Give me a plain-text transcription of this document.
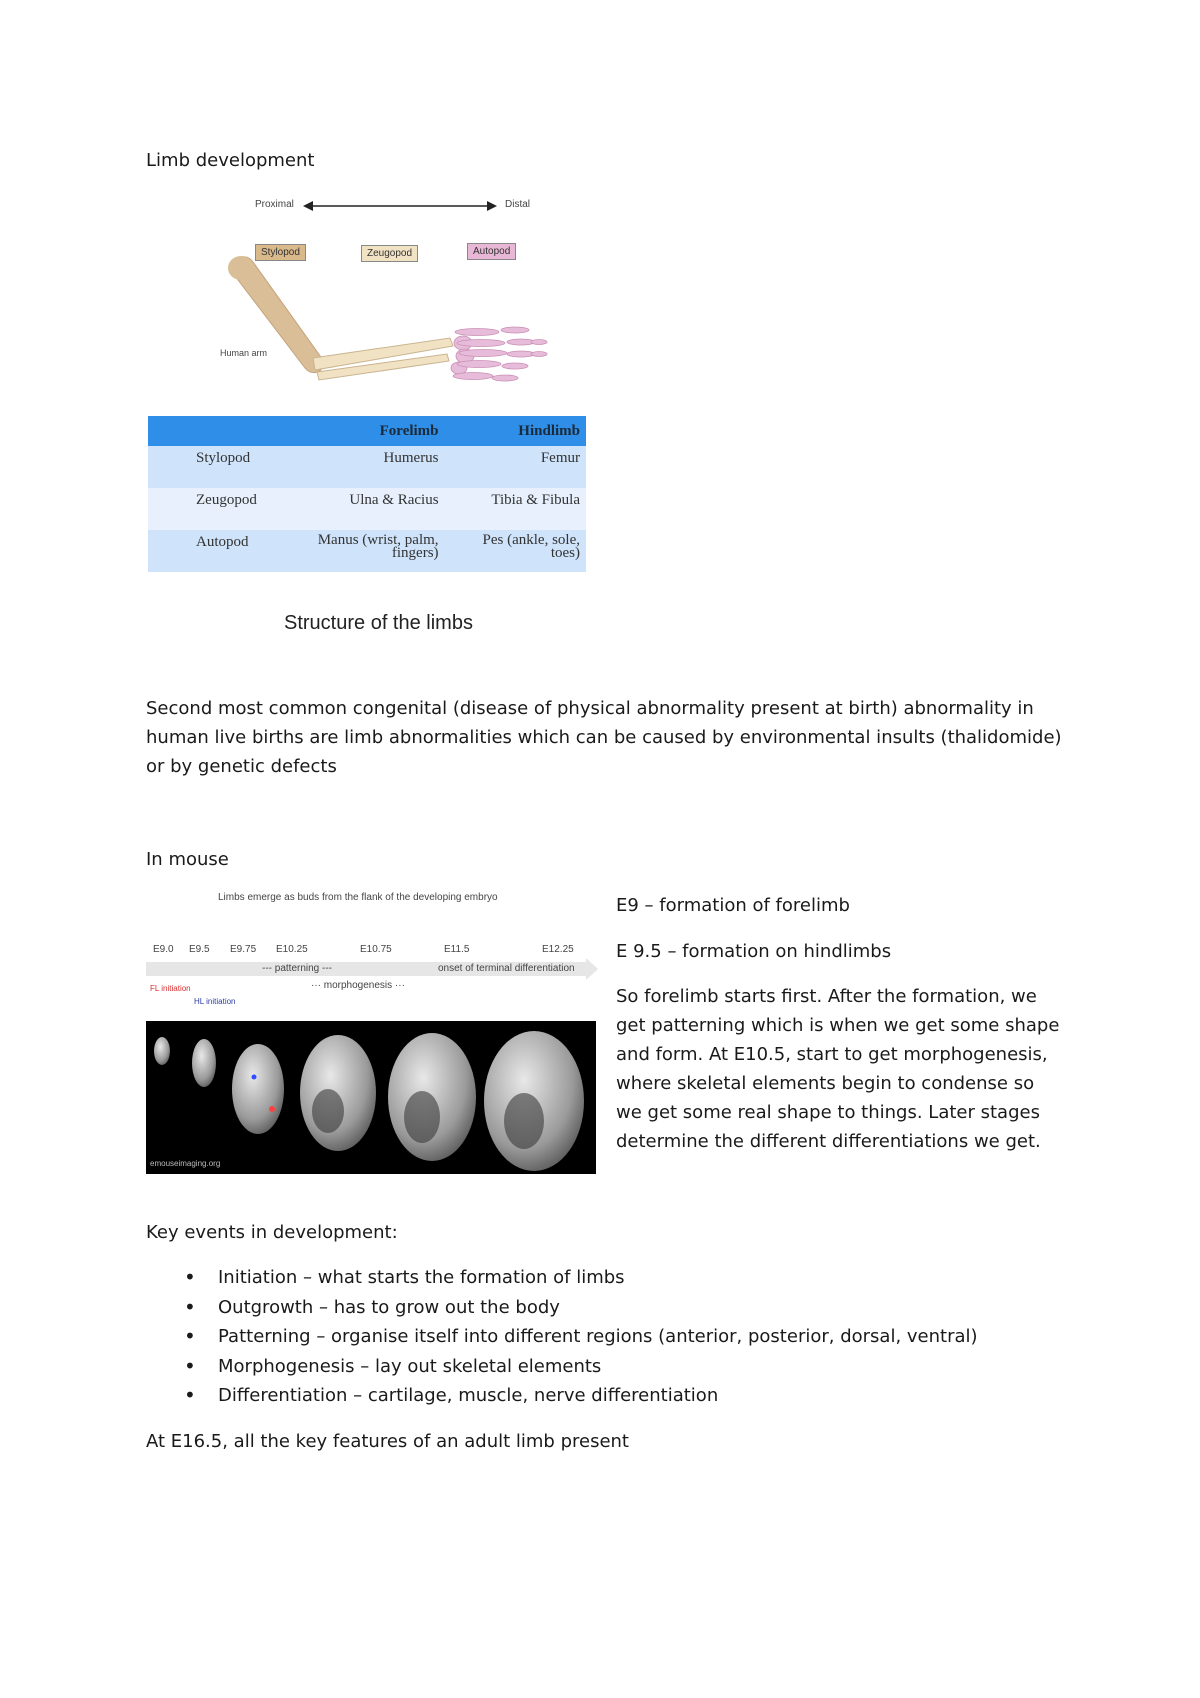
Limb development
Proximal	Distal
Stylopod	Zeugopod	Autopod
Human arm
	Forelimb	Hindlimb
Stylopod	Humerus	Femur
Zeugopod	Ulna & Racius	Tibia & Fibula
Autopod	Manus (wrist, palm, fingers)	Pes (ankle, sole, toes)
Structure of the limbs
Second most common congenital (disease of physical abnormality present at birth) abnormality in
human live births are limb abnormalities which can be caused by environmental insults (thalidomide)
or by genetic defects
In mouse
Limbs emerge as buds from the flank of the developing embryo
E9.0 E9.5 E9.75 E10.25	E10.75	E11.5	E12.25
--- patterning ---	onset of terminal differentiation
··· morphogenesis ···
FL initiation
HL initiation
emouseimaging.org
E9 – formation of forelimb
E 9.5 – formation on hindlimbs
So forelimb starts first. After the formation, we
get patterning which is when we get some shape
and form. At E10.5, start to get morphogenesis,
where skeletal elements begin to condense so
we get some real shape to things. Later stages
determine the different differentiations we get.
Key events in development:
• Initiation – what starts the formation of limbs
• Outgrowth – has to grow out the body
• Patterning – organise itself into different regions (anterior, posterior, dorsal, ventral)
• Morphogenesis – lay out skeletal elements
• Differentiation – cartilage, muscle, nerve differentiation
At E16.5, all the key features of an adult limb present
